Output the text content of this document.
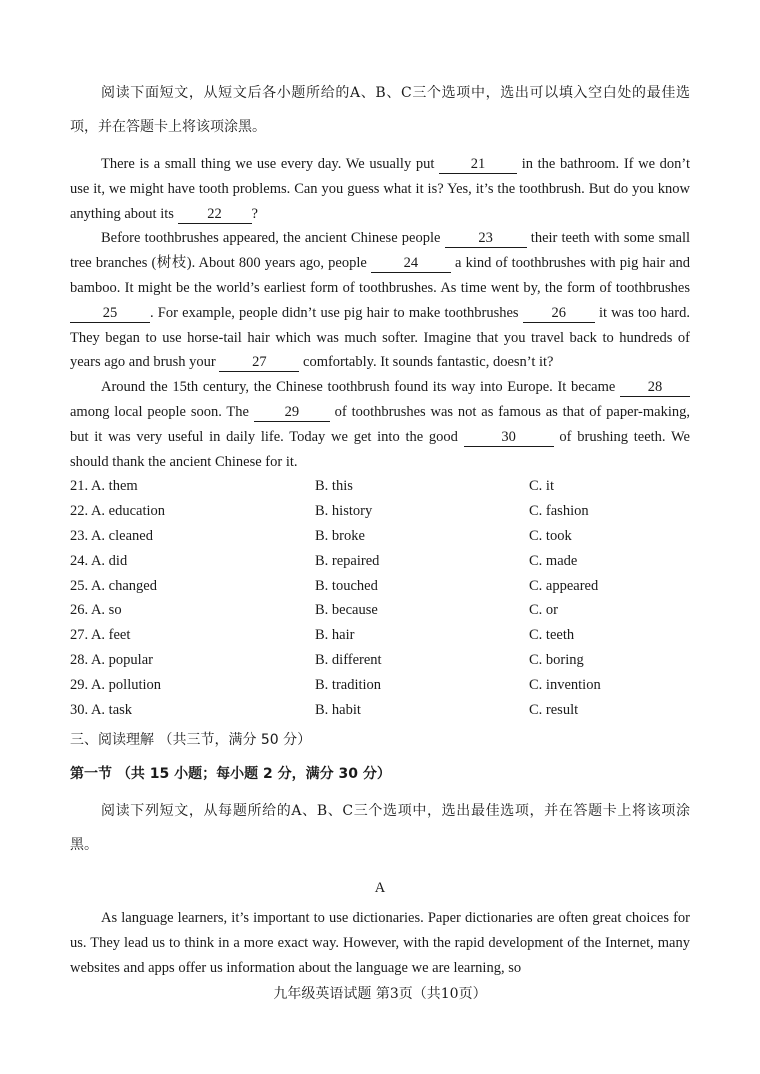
阅读下面短文，从短文后各小题所给的A、B、C三个选项中，选出可以填入空白处的最佳选项，并在答题卡上将该项涂黑。

There is a small thing we use every day. We usually put	21	in the bathroom. If we don’t use it, we might have tooth problems. Can you guess what it is? Yes, it’s the toothbrush. But do you know anything about its 22 ?

Before toothbrushes appeared, the ancient Chinese people	23	their teeth with some small tree branches (树枝). About 800 years ago, people	24	a kind of toothbrushes with pig hair and bamboo. It might be the world’s earliest form of toothbrushes. As time went by, the form of toothbrushes 25 . For example, people didn’t use pig hair to make toothbrushes 26 it was too hard. They began to use horse-tail hair which was much softer. Imagine that you travel back to hundreds of years ago and brush your	27	comfortably. It sounds fantastic, doesn’t it?

Around the 15th century, the Chinese toothbrush found its way into Europe. It became 28 among local people soon. The 29 of toothbrushes was not as famous as that of paper-making, but it was very useful in daily life. Today we get into the good	30	of brushing teeth. We should thank the ancient Chinese for it.

21. A. them	B. this	C. it
22. A. education	B. history	C. fashion
23. A. cleaned	B. broke	C. took
24. A. did	B. repaired	C. made
25. A. changed	B. touched	C. appeared
26. A. so	B. because	C. or
27. A. feet	B. hair	C. teeth
28. A. popular	B. different	C. boring
29. A. pollution	B. tradition	C. invention
30. A. task	B. habit	C. result
三、阅读理解 （共三节，满分 50 分）
第一节 （共 15 小题；每小题 2 分，满分 30 分）

阅读下列短文，从每题所给的A、B、C三个选项中，选出最佳选项，并在答题卡上将该项涂黑。

A

As language learners, it’s important to use dictionaries. Paper dictionaries are often great choices for us. They lead us to think in a more exact way. However, with the rapid development of the Internet, many websites and apps offer us information about the language we are learning, so

九年级英语试题 第3页（共10页）
